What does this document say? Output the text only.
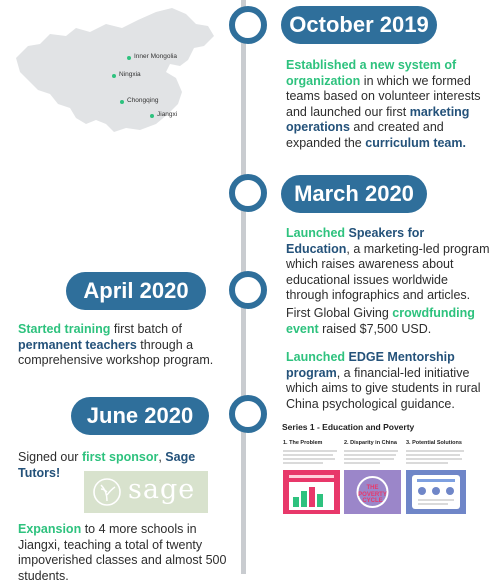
Inner Mongolia
Ningxia
Chongqing
Jiangxi
October 2019
Established a new system of organization in which we formed teams based on volunteer interests and launched our first marketing operations and created and expanded the curriculum team.
March 2020
Launched Speakers for Education, a marketing-led program which raises awareness about educational issues worldwide through infographics and articles.
First Global Giving crowdfunding event raised $7,500 USD.
Launched EDGE Mentorship program, a financial-led initiative which aims to give students in rural China psychological guidance.
April 2020
Started training first batch of permanent teachers through a comprehensive workshop program.
June 2020
Signed our first sponsor, Sage Tutors!
sage
Expansion to 4 more schools in Jiangxi, teaching a total of twenty impoverished classes and almost 500 students.
Series 1 - Education and Poverty
1. The Problem	2. Disparity in China 3. Potential Solutions
THE POVERTY CYCLE
